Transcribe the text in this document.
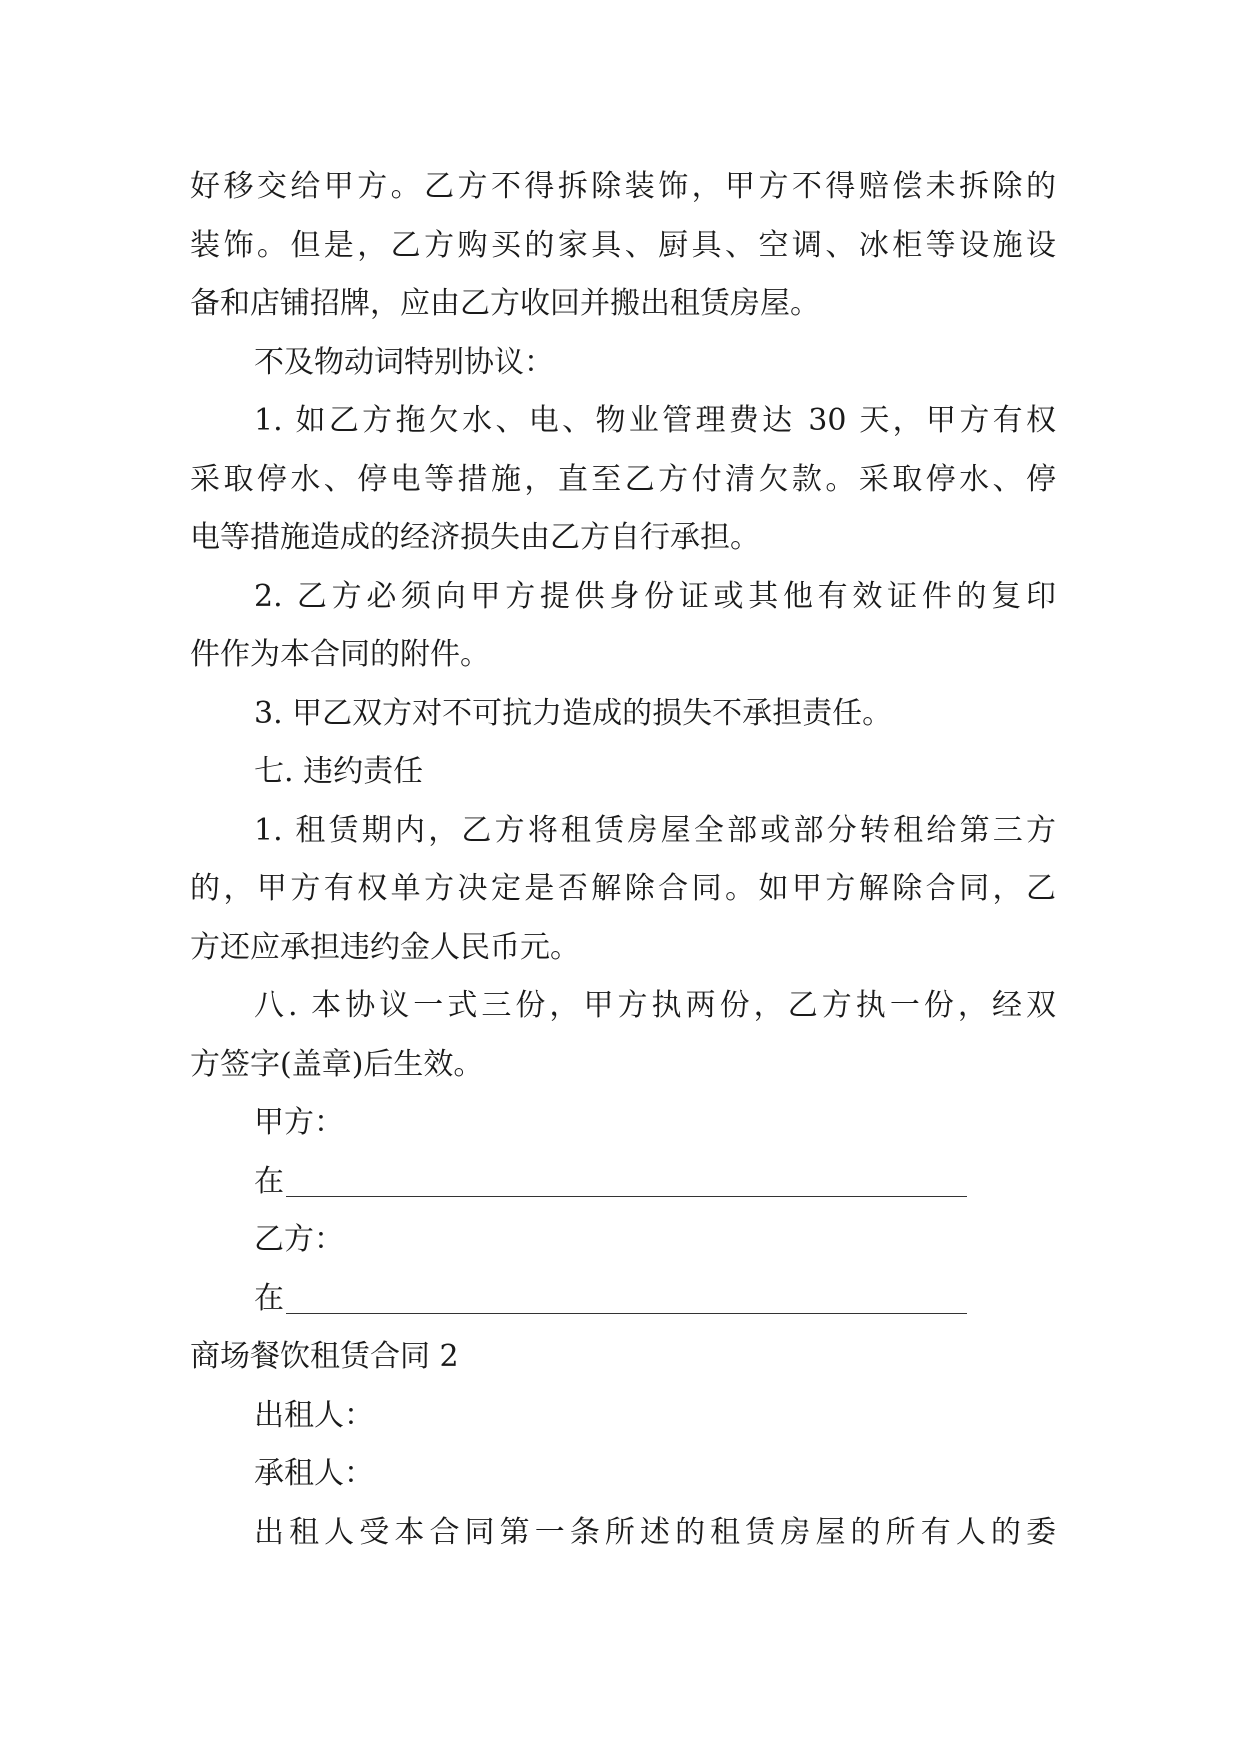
好移交给甲方。乙方不得拆除装饰，甲方不得赔偿未拆除的
装饰。但是，乙方购买的家具、厨具、空调、冰柜等设施设
备和店铺招牌，应由乙方收回并搬出租赁房屋。
不及物动词特别协议：
1. 如乙方拖欠水、电、物业管理费达 30 天，甲方有权
采取停水、停电等措施，直至乙方付清欠款。采取停水、停
电等措施造成的经济损失由乙方自行承担。
2. 乙方必须向甲方提供身份证或其他有效证件的复印
件作为本合同的附件。
3. 甲乙双方对不可抗力造成的损失不承担责任。
七. 违约责任
1. 租赁期内，乙方将租赁房屋全部或部分转租给第三方
的，甲方有权单方决定是否解除合同。如甲方解除合同，乙
方还应承担违约金人民币元。
八. 本协议一式三份，甲方执两份，乙方执一份，经双
方签字(盖章)后生效。
甲方：
在
乙方：
在
商场餐饮租赁合同 2
出租人：
承租人：
出租人受本合同第一条所述的租赁房屋的所有人的委
